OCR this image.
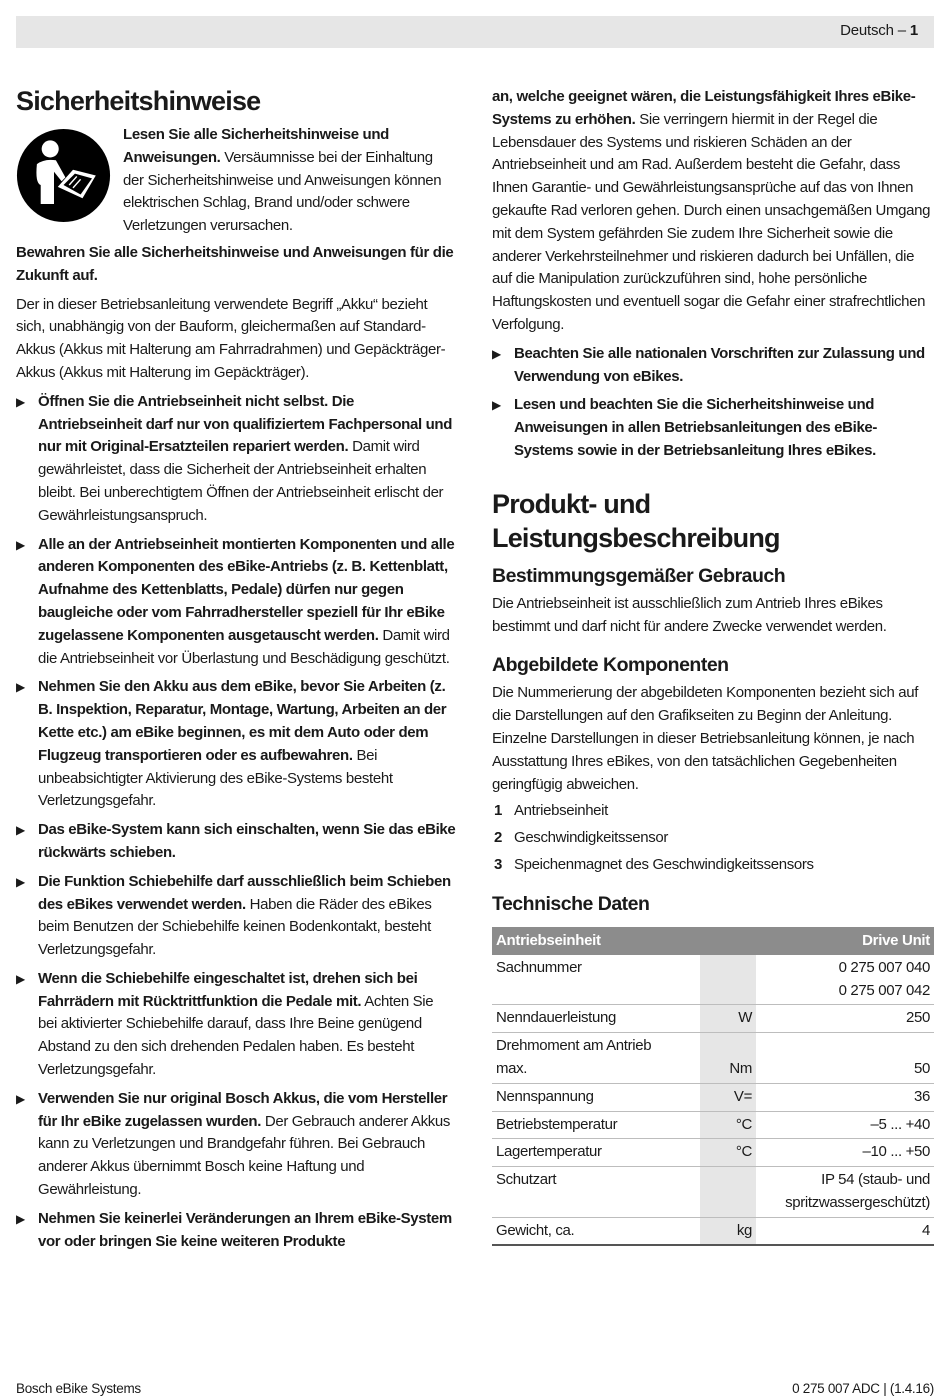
Deutsch – 1
Sicherheitshinweise

Lesen Sie alle Sicherheitshinweise und Anweisungen. Versäumnisse bei der Einhaltung der Sicherheitshinweise und Anweisungen können elektrischen Schlag, Brand und/oder schwere Verletzungen verursachen.

Bewahren Sie alle Sicherheitshinweise und Anweisungen für die Zukunft auf.

Der in dieser Betriebsanleitung verwendete Begriff „Akku“ bezieht sich, unabhängig von der Bauform, gleichermaßen auf Standard-Akkus (Akkus mit Halterung am Fahrradrahmen) und Gepäckträger-Akkus (Akkus mit Halterung im Gepäckträger).

▶ Öffnen Sie die Antriebseinheit nicht selbst. Die Antriebseinheit darf nur von qualifiziertem Fachpersonal und nur mit Original-Ersatzteilen repariert werden. Damit wird gewährleistet, dass die Sicherheit der Antriebseinheit erhalten bleibt. Bei unberechtigtem Öffnen der Antriebseinheit erlischt der Gewährleistungsanspruch.

▶ Alle an der Antriebseinheit montierten Komponenten und alle anderen Komponenten des eBike-Antriebs (z. B. Kettenblatt, Aufnahme des Kettenblatts, Pedale) dürfen nur gegen baugleiche oder vom Fahrradhersteller speziell für Ihr eBike zugelassene Komponenten ausgetauscht werden. Damit wird die Antriebseinheit vor Überlastung und Beschädigung geschützt.

▶ Nehmen Sie den Akku aus dem eBike, bevor Sie Arbeiten (z. B. Inspektion, Reparatur, Montage, Wartung, Arbeiten an der Kette etc.) am eBike beginnen, es mit dem Auto oder dem Flugzeug transportieren oder es aufbewahren. Bei unbeabsichtigter Aktivierung des eBike-Systems besteht Verletzungsgefahr.

▶ Das eBike-System kann sich einschalten, wenn Sie das eBike rückwärts schieben.

▶ Die Funktion Schiebehilfe darf ausschließlich beim Schieben des eBikes verwendet werden. Haben die Räder des eBikes beim Benutzen der Schiebehilfe keinen Bodenkontakt, besteht Verletzungsgefahr.

▶ Wenn die Schiebehilfe eingeschaltet ist, drehen sich bei Fahrrädern mit Rücktrittfunktion die Pedale mit. Achten Sie bei aktivierter Schiebehilfe darauf, dass Ihre Beine genügend Abstand zu den sich drehenden Pedalen haben. Es besteht Verletzungsgefahr.

▶ Verwenden Sie nur original Bosch Akkus, die vom Hersteller für Ihr eBike zugelassen wurden. Der Gebrauch anderer Akkus kann zu Verletzungen und Brandgefahr führen. Bei Gebrauch anderer Akkus übernimmt Bosch keine Haftung und Gewährleistung.

▶ Nehmen Sie keinerlei Veränderungen an Ihrem eBike-System vor oder bringen Sie keine weiteren Produkte

an, welche geeignet wären, die Leistungsfähigkeit Ihres eBike-Systems zu erhöhen. Sie verringern hiermit in der Regel die Lebensdauer des Systems und riskieren Schäden an der Antriebseinheit und am Rad. Außerdem besteht die Gefahr, dass Ihnen Garantie- und Gewährleistungsansprüche auf das von Ihnen gekaufte Rad verloren gehen. Durch einen unsachgemäßen Umgang mit dem System gefährden Sie zudem Ihre Sicherheit sowie die anderer Verkehrsteilnehmer und riskieren dadurch bei Unfällen, die auf die Manipulation zurückzuführen sind, hohe persönliche Haftungskosten und eventuell sogar die Gefahr einer strafrechtlichen Verfolgung.

▶ Beachten Sie alle nationalen Vorschriften zur Zulassung und Verwendung von eBikes.

▶ Lesen und beachten Sie die Sicherheitshinweise und Anweisungen in allen Betriebsanleitungen des eBike-Systems sowie in der Betriebsanleitung Ihres eBikes.

Produkt- und Leistungsbeschreibung
Bestimmungsgemäßer Gebrauch

Die Antriebseinheit ist ausschließlich zum Antrieb Ihres eBikes bestimmt und darf nicht für andere Zwecke verwendet werden.

Abgebildete Komponenten

Die Nummerierung der abgebildeten Komponenten bezieht sich auf die Darstellungen auf den Grafikseiten zu Beginn der Anleitung.

Einzelne Darstellungen in dieser Betriebsanleitung können, je nach Ausstattung Ihres eBikes, von den tatsächlichen Gegebenheiten geringfügig abweichen.

1 Antriebseinheit
2 Geschwindigkeitssensor
3 Speichenmagnet des Geschwindigkeitssensors
Technische Daten
Antriebseinheit		Drive Unit
Sachnummer		0 275 007 040
0 275 007 042

Nenndauerleistung	W	250

Drehmoment am Antrieb
max.	Nm	50
Nennspannung	V=	36
Betriebstemperatur	°C	–5 ... +40
Lagertemperatur	°C	–10 ... +50
Schutzart		IP 54 (staub- und
spritzwassergeschützt)

Gewicht, ca.	kg	4
Bosch eBike Systems	0 275 007 ADC | (1.4.16)
